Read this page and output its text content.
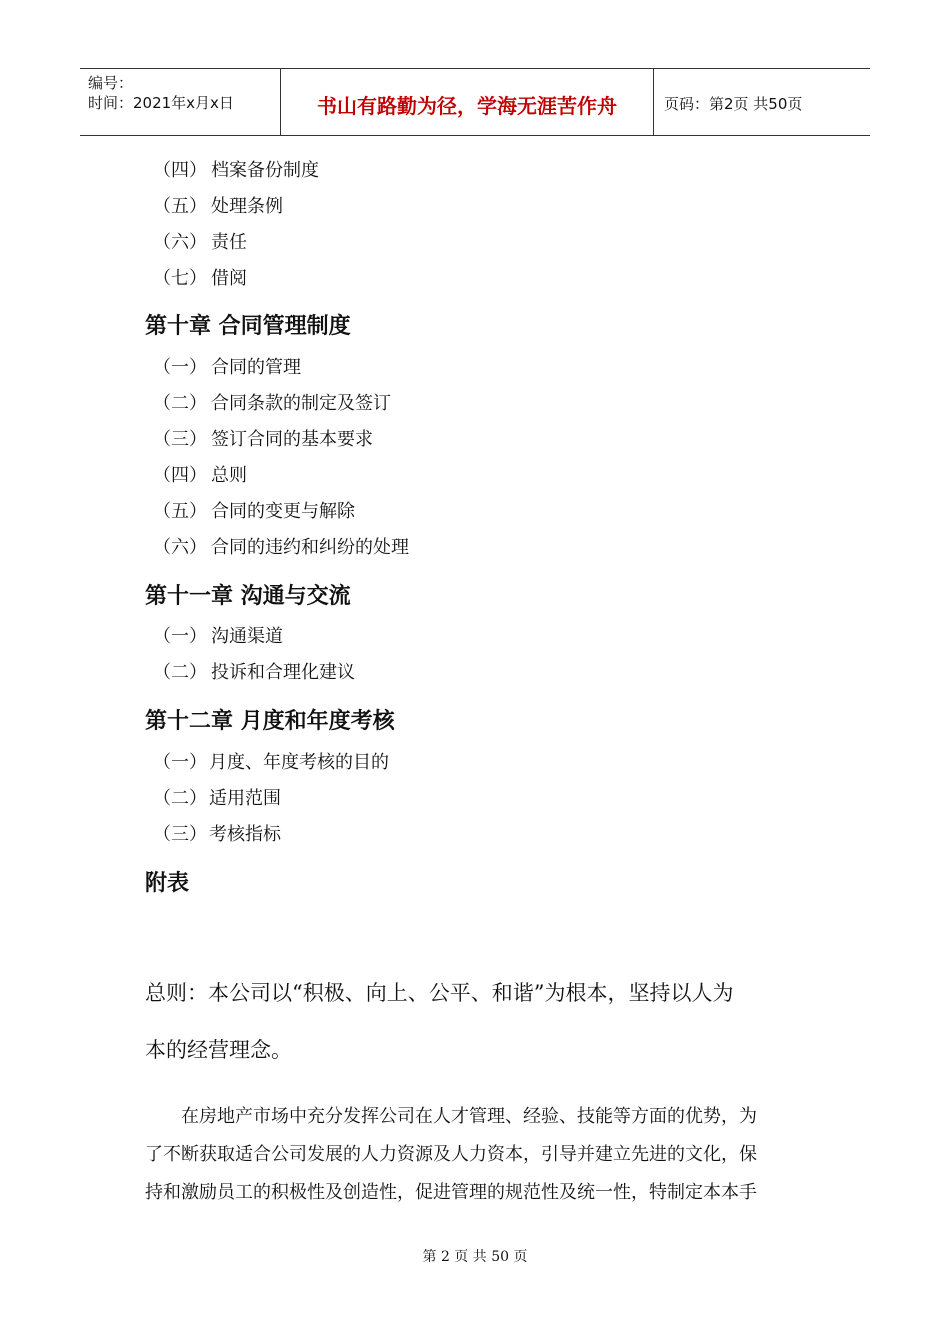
编号：
时间：2021年x月x日	书山有路勤为径，学海无涯苦作舟	页码：第2页 共50页
（四） 档案备份制度
（五） 处理条例
（六） 责任
（七） 借阅
第十章 合同管理制度
（一） 合同的管理
（二） 合同条款的制定及签订
（三） 签订合同的基本要求
（四） 总则
（五） 合同的变更与解除
（六） 合同的违约和纠纷的处理
第十一章 沟通与交流
（一） 沟通渠道
（二） 投诉和合理化建议
第十二章 月度和年度考核
（一） 月度、年度考核的目的
（二） 适用范围
（三） 考核指标
附表
总则：本公司以“积极、向上、公平、和谐”为根本，坚持以人为
本的经营理念。
　　在房地产市场中充分发挥公司在人才管理、经验、技能等方面的优势，为
了不断获取适合公司发展的人力资源及人力资本，引导并建立先进的文化，保
持和激励员工的积极性及创造性，促进管理的规范性及统一性，特制定本本手
第 2 页 共 50 页
